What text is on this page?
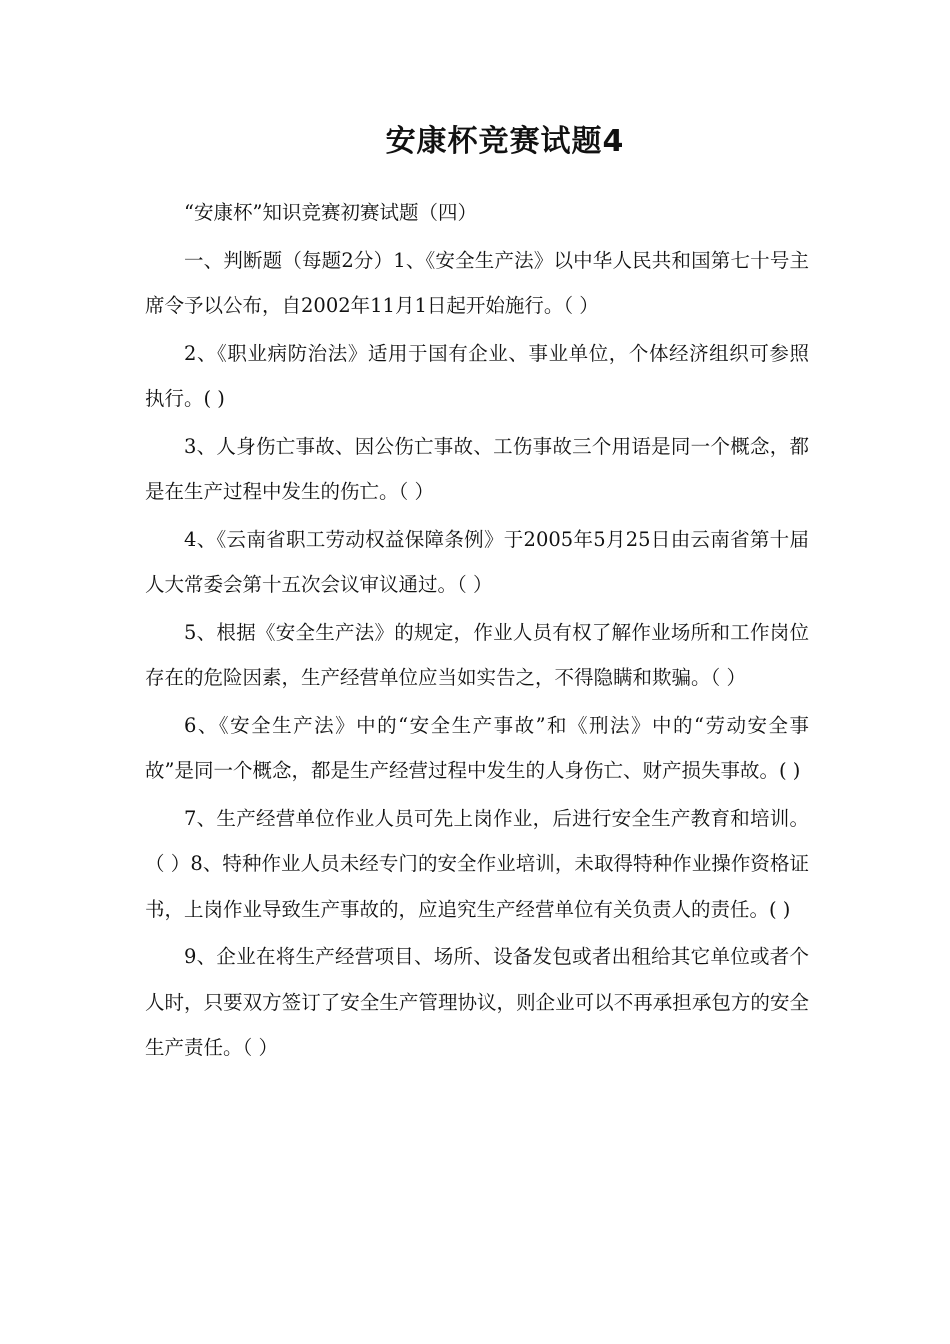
安康杯竞赛试题4

“安康杯”知识竞赛初赛试题（四）

一、判断题（每题2分）1、《安全生产法》以中华人民共和国第七十号主席令予以公布，自2002年11月1日起开始施行。（ ）

2、《职业病防治法》适用于国有企业、事业单位，个体经济组织可参照执行。( )

3、人身伤亡事故、因公伤亡事故、工伤事故三个用语是同一个概念，都是在生产过程中发生的伤亡。（ ）

4、《云南省职工劳动权益保障条例》于2005年5月25日由云南省第十届人大常委会第十五次会议审议通过。（ ）

5、根据《安全生产法》的规定，作业人员有权了解作业场所和工作岗位存在的危险因素，生产经营单位应当如实告之，不得隐瞒和欺骗。（ ）

6、《安全生产法》中的“安全生产事故”和《刑法》中的“劳动安全事故”是同一个概念，都是生产经营过程中发生的人身伤亡、财产损失事故。( )

7、生产经营单位作业人员可先上岗作业，后进行安全生产教育和培训。（ ）8、特种作业人员未经专门的安全作业培训，未取得特种作业操作资格证书，上岗作业导致生产事故的，应追究生产经营单位有关负责人的责任。( )

9、企业在将生产经营项目、场所、设备发包或者出租给其它单位或者个人时，只要双方签订了安全生产管理协议，则企业可以不再承担承包方的安全生产责任。（ ）
